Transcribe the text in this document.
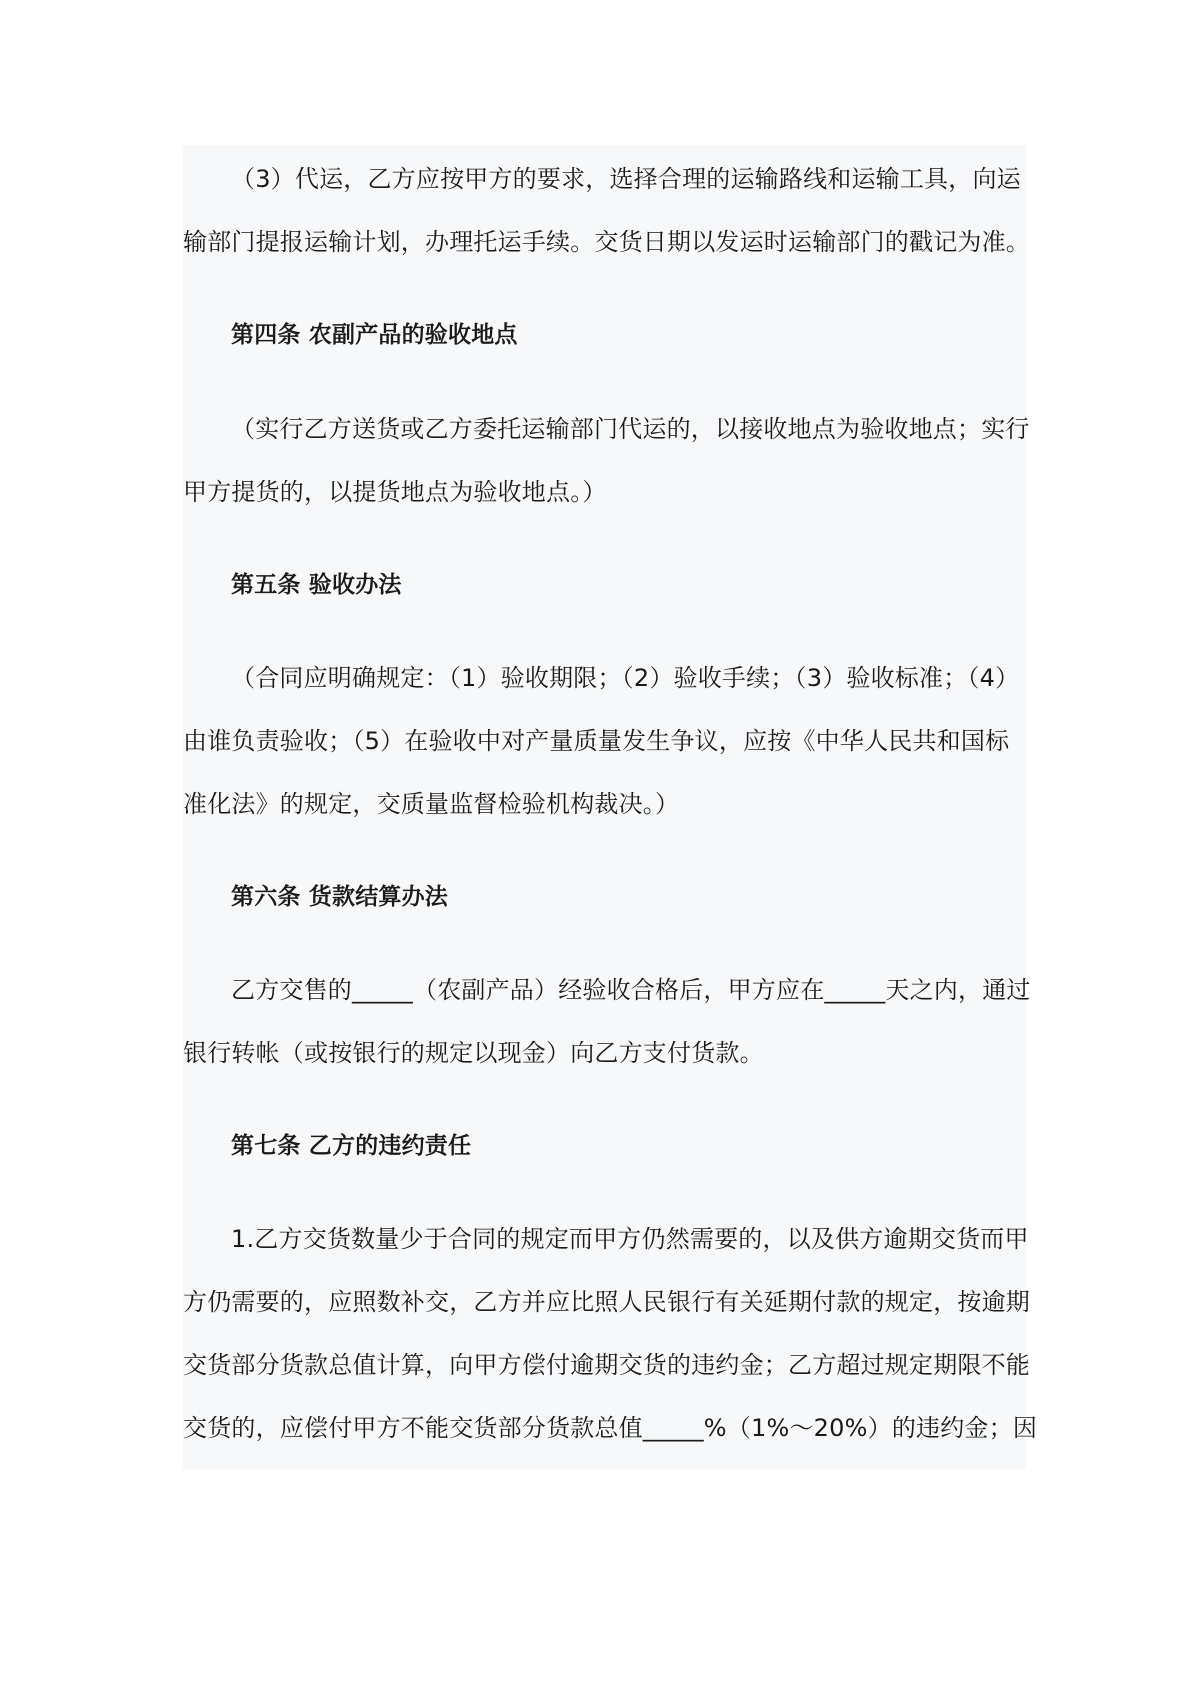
（3）代运，乙方应按甲方的要求，选择合理的运输路线和运输工具，向运
输部门提报运输计划，办理托运手续。交货日期以发运时运输部门的戳记为准。
第四条 农副产品的验收地点
（实行乙方送货或乙方委托运输部门代运的，以接收地点为验收地点；实行
甲方提货的，以提货地点为验收地点。）
第五条 验收办法
（合同应明确规定：（1）验收期限；（2）验收手续；（3）验收标准；（4）
由谁负责验收；（5）在验收中对产量质量发生争议，应按《中华人民共和国标
准化法》的规定，交质量监督检验机构裁决。）
第六条 货款结算办法
乙方交售的_____（农副产品）经验收合格后，甲方应在_____天之内，通过
银行转帐（或按银行的规定以现金）向乙方支付货款。
第七条 乙方的违约责任
1.乙方交货数量少于合同的规定而甲方仍然需要的，以及供方逾期交货而甲
方仍需要的，应照数补交，乙方并应比照人民银行有关延期付款的规定，按逾期
交货部分货款总值计算，向甲方偿付逾期交货的违约金；乙方超过规定期限不能
交货的，应偿付甲方不能交货部分货款总值_____%（1%～20%）的违约金；因
